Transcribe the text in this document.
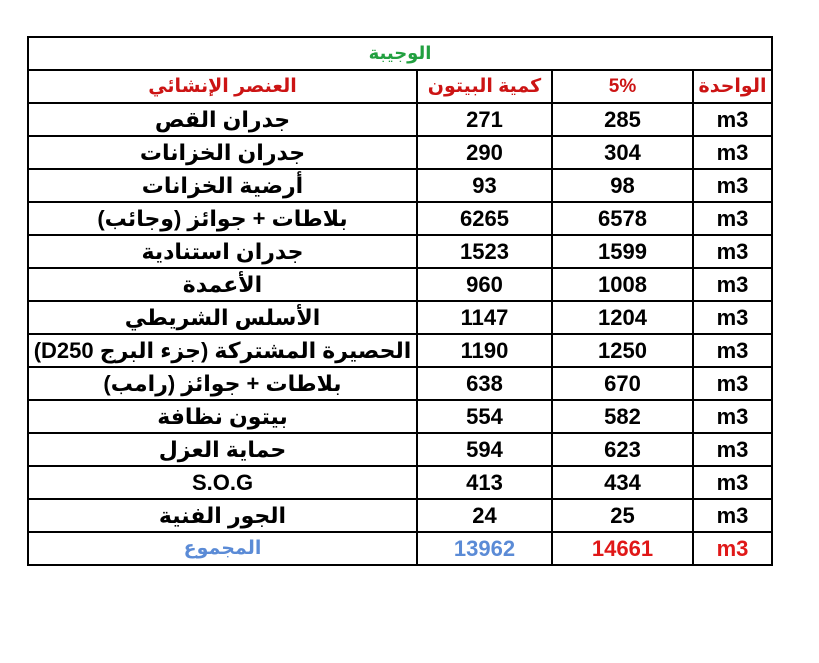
الوجيبة			
العنصر الإنشائي	كمية البيتون	5%	الواحدة
جدران القص	271	285	m3
جدران الخزانات	290	304	m3
أرضية الخزانات	93	98	m3
بلاطات + جوائز (وجائب)	6265	6578	m3
جدران استنادية	1523	1599	m3
الأعمدة	960	1008	m3
الأسلس الشريطي	1147	1204	m3
الحصيرة المشتركة (جزء البرج D250)	1190	1250	m3
بلاطات + جوائز (رامب)	638	670	m3
بيتون نظافة	554	582	m3
حماية العزل	594	623	m3
S.O.G	413	434	m3
الجور الفنية	24	25	m3
المجموع	13962	14661	m3
